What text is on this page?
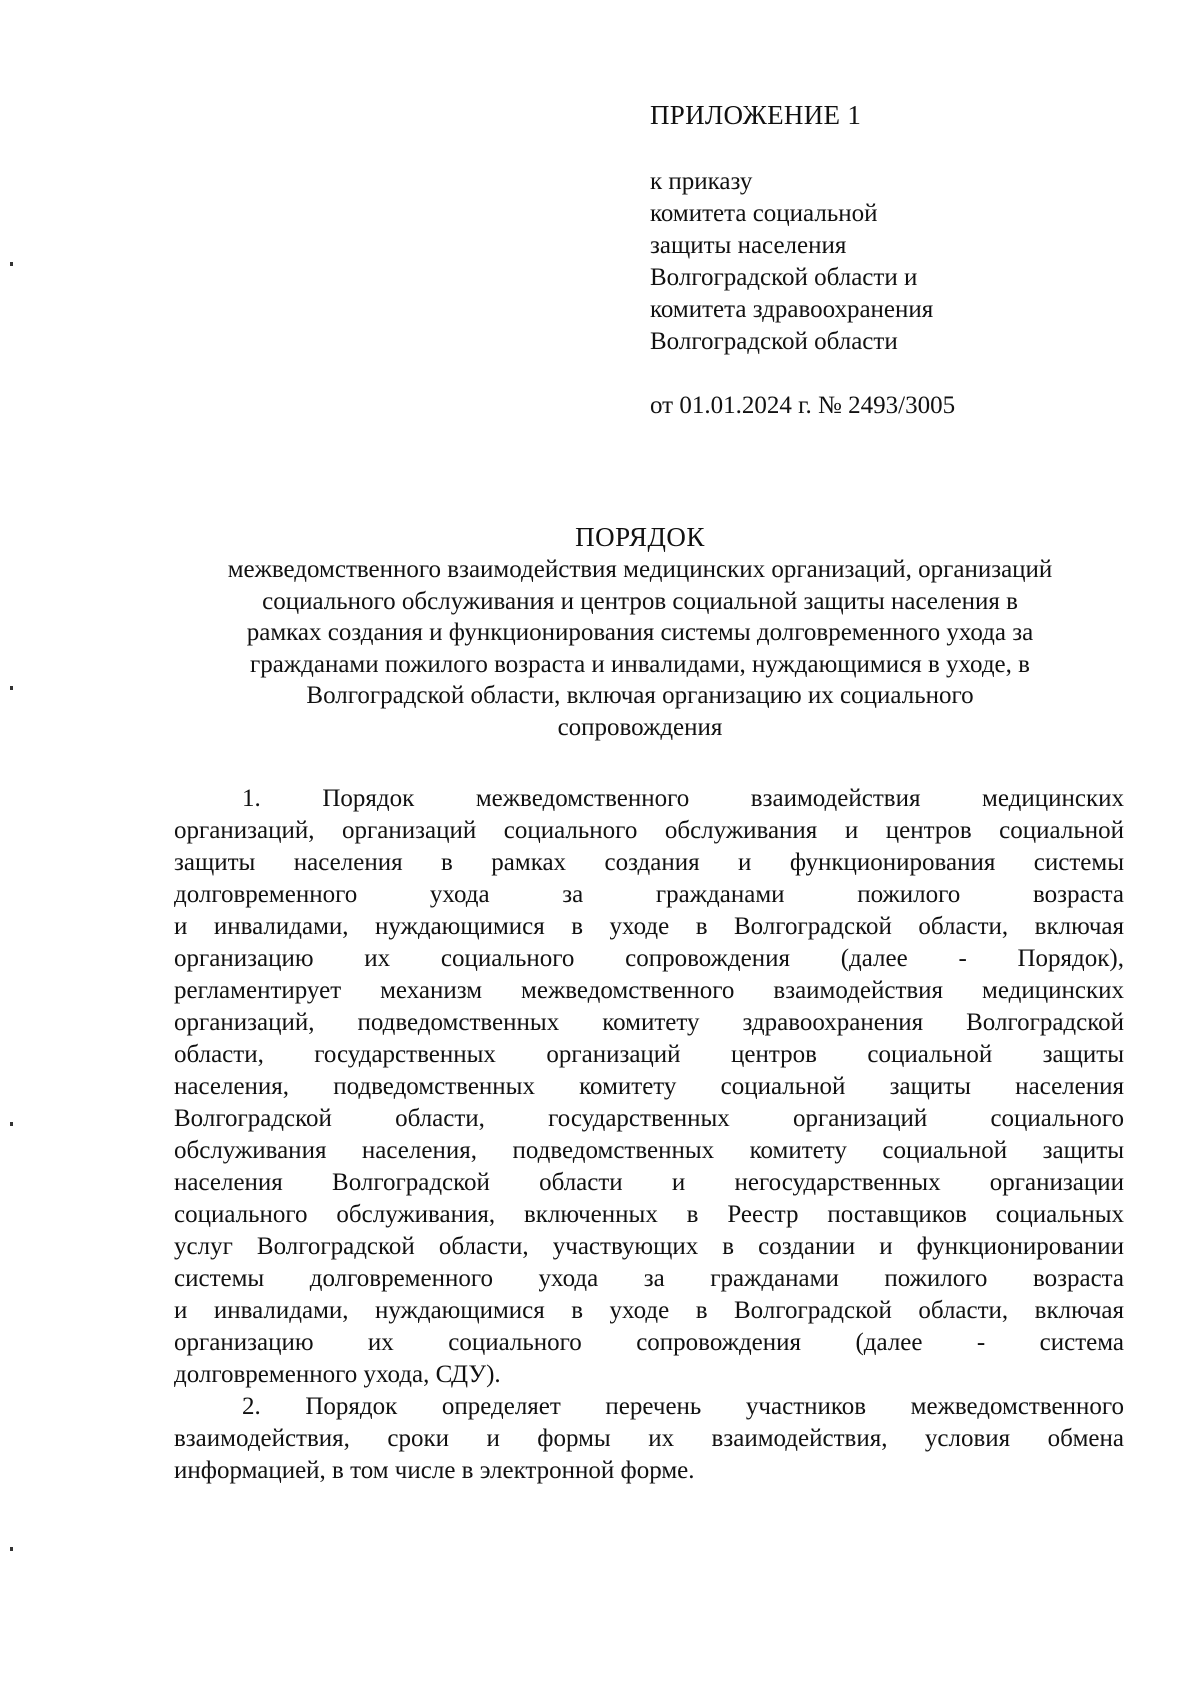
ПРИЛОЖЕНИЕ 1
к приказу
комитета социальной
защиты населения
Волгоградской области и
комитета здравоохранения
Волгоградской области
от 01.01.2024 г. № 2493/3005
ПОРЯДОК
межведомственного взаимодействия медицинских организаций, организаций
социального обслуживания и центров социальной защиты населения в
рамках создания и функционирования системы долговременного ухода за
гражданами пожилого возраста и инвалидами, нуждающимися в уходе, в
Волгоградской области, включая организацию их социального
сопровождения
1. Порядок межведомственного взаимодействия медицинских
организаций, организаций социального обслуживания и центров социальной
защиты населения в рамках создания и функционирования системы
долговременного ухода за гражданами пожилого возраста
и инвалидами, нуждающимися в уходе в Волгоградской области, включая
организацию их социального сопровождения (далее - Порядок),
регламентирует механизм межведомственного взаимодействия медицинских
организаций, подведомственных комитету здравоохранения Волгоградской
области, государственных организаций центров социальной защиты
населения, подведомственных комитету социальной защиты населения
Волгоградской области, государственных организаций социального
обслуживания населения, подведомственных комитету социальной защиты
населения Волгоградской области и негосударственных организации
социального обслуживания, включенных в Реестр поставщиков социальных
услуг Волгоградской области, участвующих в создании и функционировании
системы долговременного ухода за гражданами пожилого возраста
и инвалидами, нуждающимися в уходе в Волгоградской области, включая
организацию их социального сопровождения (далее - система
долговременного ухода, СДУ).
2. Порядок определяет перечень участников межведомственного
взаимодействия, сроки и формы их взаимодействия, условия обмена
информацией, в том числе в электронной форме.
